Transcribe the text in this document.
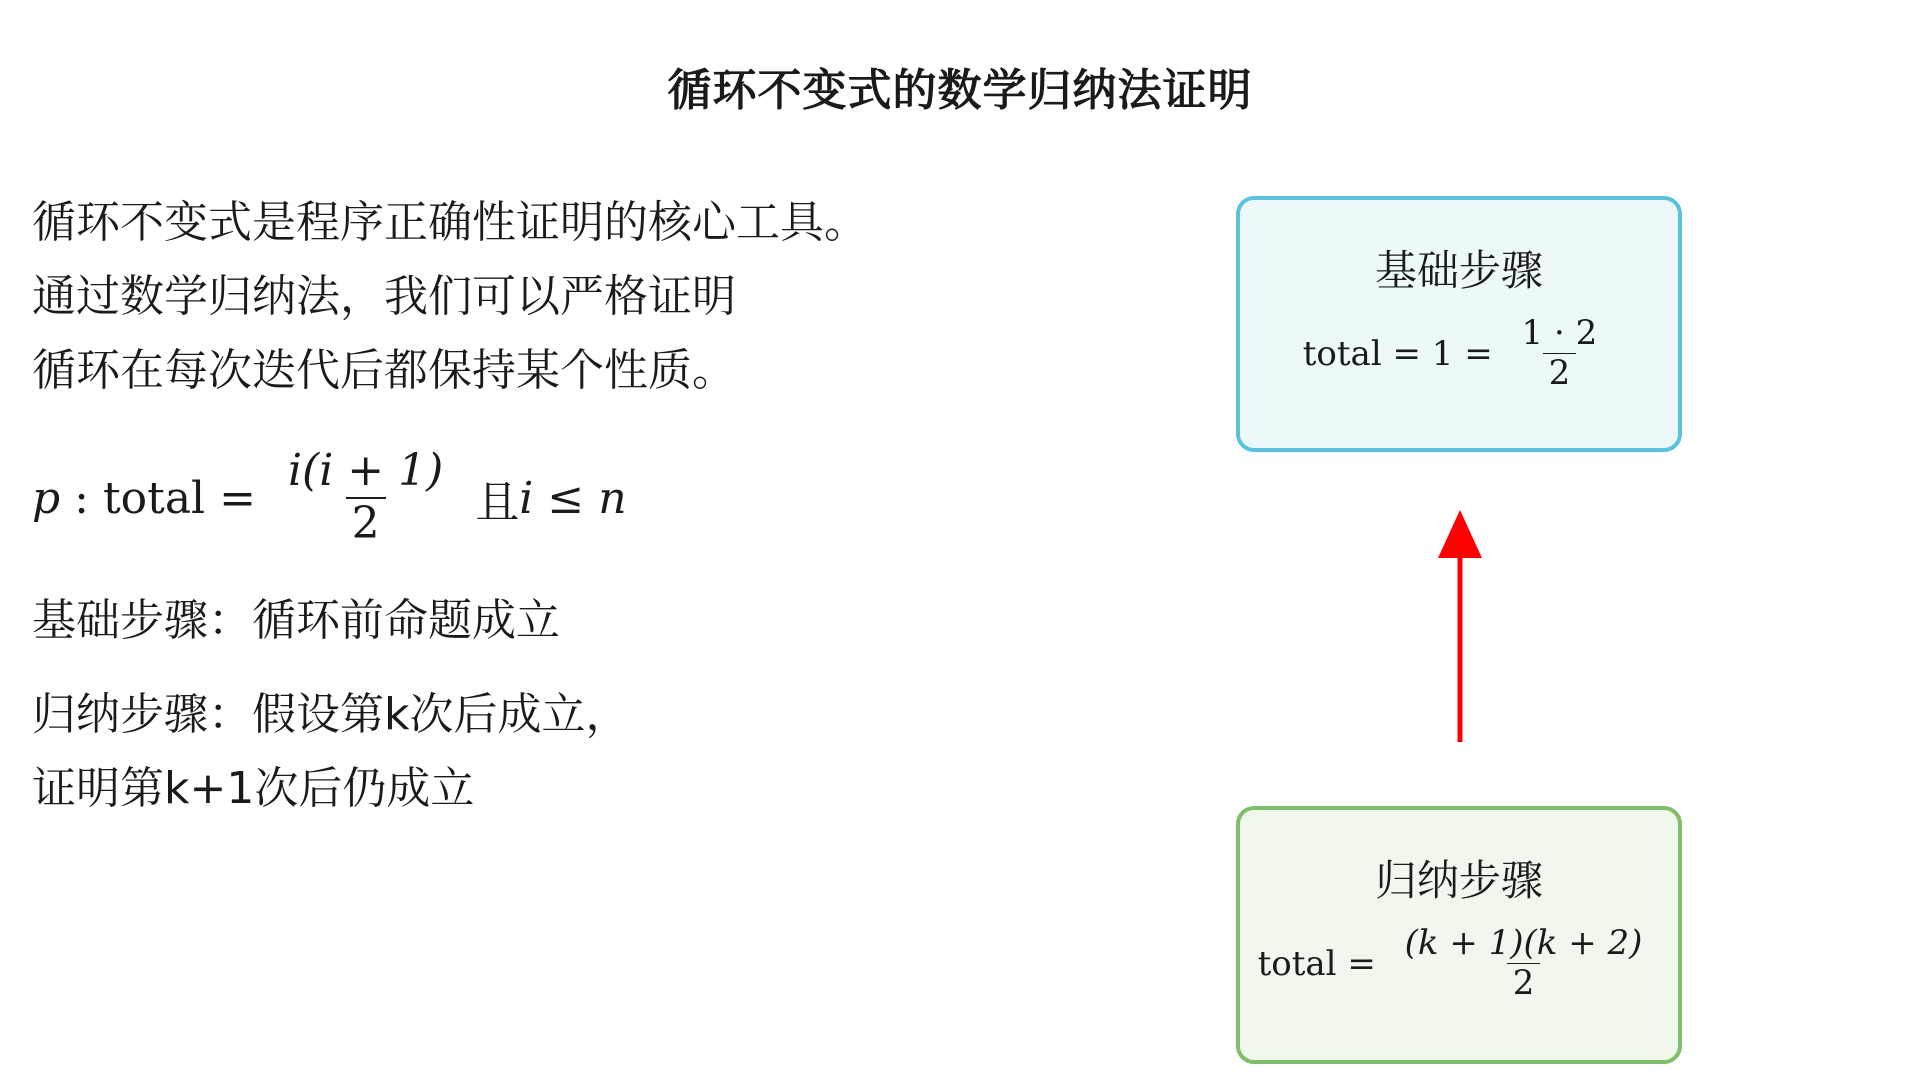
循环不变式的数学归纳法证明
循环不变式是程序正确性证明的核心工具。
通过数学归纳法，我们可以严格证明
循环在每次迭代后都保持某个性质。
p : total = $\frac{i(i + 1)}{2}$ 且 i ≤ n
基础步骤：循环前命题成立
归纳步骤：假设第k次后成立，
证明第k+1次后仍成立
基础步骤
total = $1 = \frac{1 \cdot 2}{2}$
归纳步骤
total = $\frac{(k + 1)(k + 2)}{2}$
